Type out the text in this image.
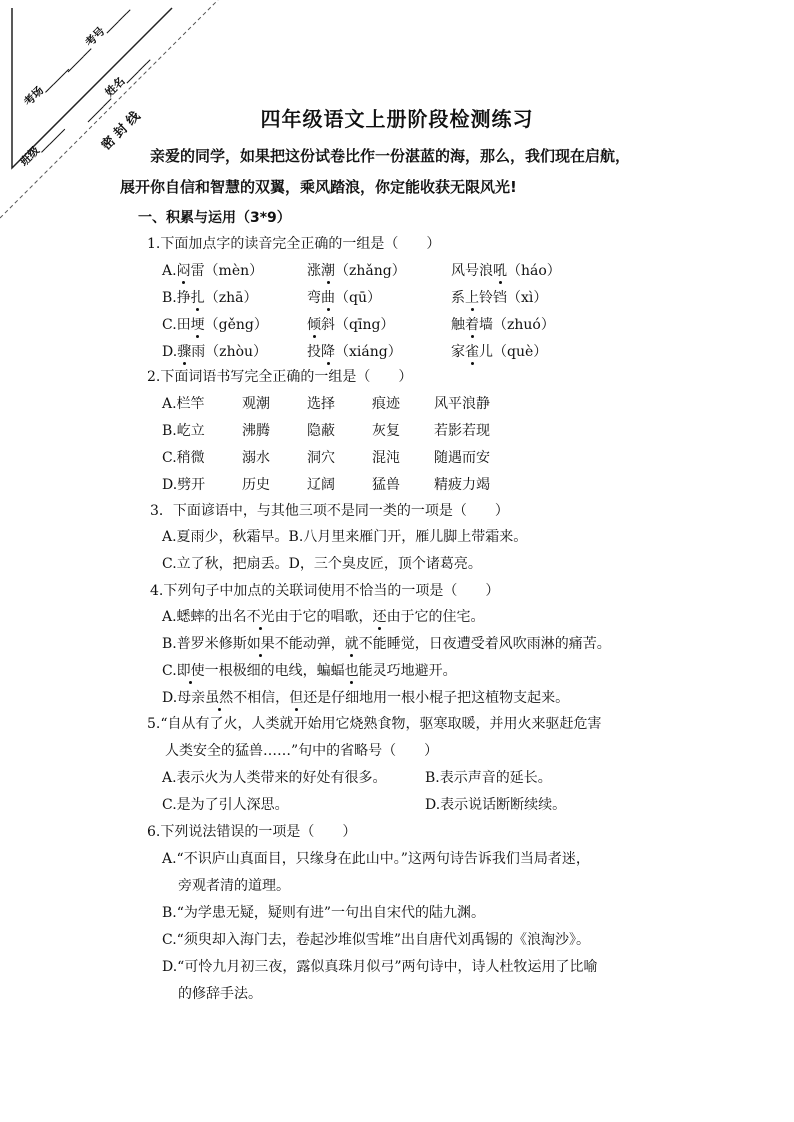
考场______
______考号______
班级______
______姓名______
密 封 线	四年级语文上册阶段检测练习
亲爱的同学，如果把这份试卷比作一份湛蓝的海，那么，我们现在启航，
展开你自信和智慧的双翼，乘风踏浪，你定能收获无限风光!
一、积累与运用（3*9）
1.下面加点字的读音完全正确的一组是（　　）
A.闷雷（mèn）	涨潮（zhǎng）	风号浪吼（háo）
B.挣扎（zhā）	弯曲（qū）	系上铃铛（xì）
C.田埂（gěng）	倾斜（qīng）	触着墙（zhuó）
D.骤雨（zhòu）	投降（xiáng）	家雀儿（què）
2.下面词语书写完全正确的一组是（　　）
A.栏竿	观潮	选择	痕迹 风平浪静
B.屹立	沸腾	隐蔽	灰复 若影若现
C.稍微	溺水	洞穴	混沌 随遇而安
D.劈开	历史	辽阔	猛兽 精疲力竭
3．下面谚语中，与其他三项不是同一类的一项是（　　）
A.夏雨少，秋霜早。B.八月里来雁门开，雁儿脚上带霜来。
C.立了秋，把扇丢。D，三个臭皮匠，顶个诸葛亮。
4.下列句子中加点的关联词使用不恰当的一项是（　　）
A.蟋蟀的出名不光由于它的唱歌，还由于它的住宅。
B.普罗米修斯如果不能动弹，就不能睡觉，日夜遭受着风吹雨淋的痛苦。
C.即使一根极细的电线，蝙蝠也能灵巧地避开。
D.母亲虽然不相信，但还是仔细地用一根小棍子把这植物支起来。
5.“自从有了火，人类就开始用它烧熟食物，驱寒取暖，并用火来驱赶危害
人类安全的猛兽……”句中的省略号（　　）
A.表示火为人类带来的好处有很多。	B.表示声音的延长。
C.是为了引人深思。	D.表示说话断断续续。
6.下列说法错误的一项是（　　）
A.“不识庐山真面目，只缘身在此山中。”这两句诗告诉我们当局者迷，
旁观者清的道理。
B.“为学患无疑，疑则有进”一句出自宋代的陆九渊。
C.“须臾却入海门去，卷起沙堆似雪堆”出自唐代刘禹锡的《浪淘沙》。
D.“可怜九月初三夜，露似真珠月似弓”两句诗中，诗人杜牧运用了比喻
的修辞手法。
